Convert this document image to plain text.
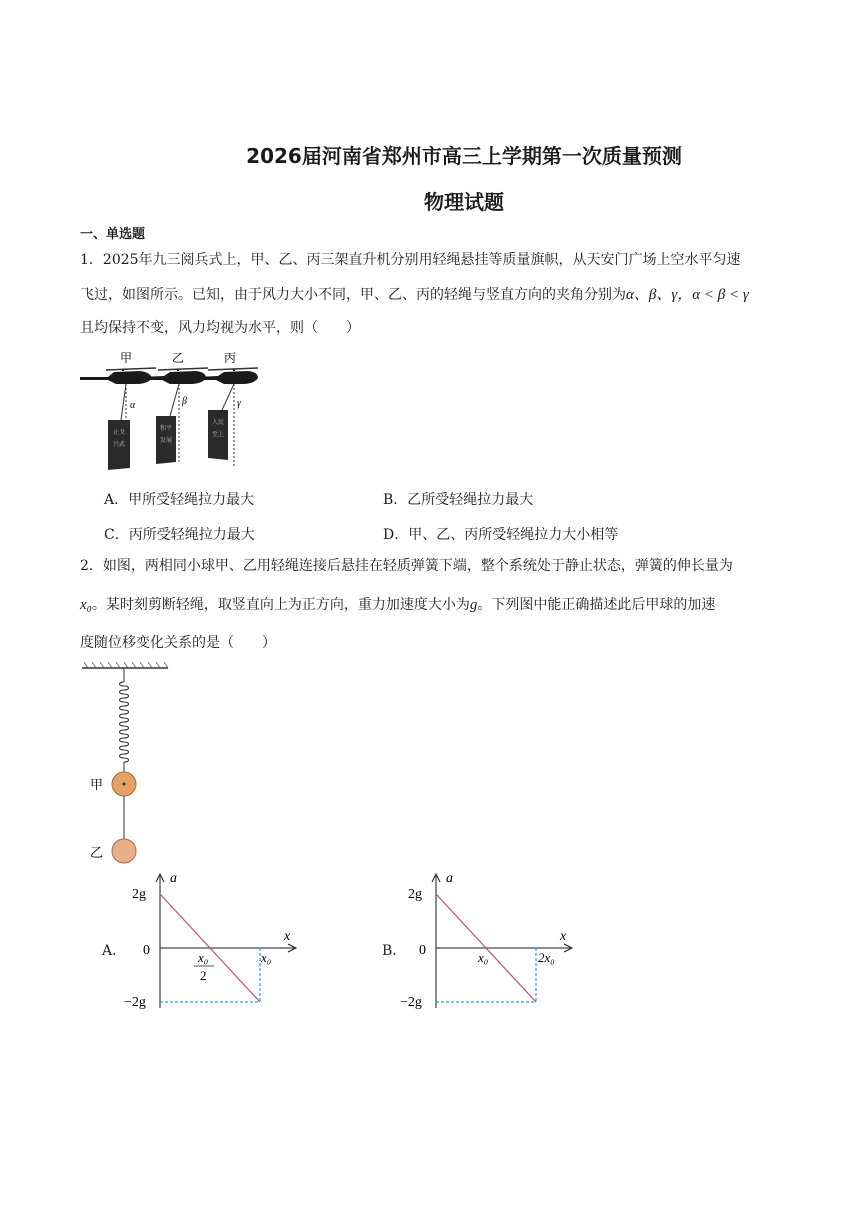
2026届河南省郑州市高三上学期第一次质量预测
物理试题
一、单选题
1．2025年九三阅兵式上，甲、乙、丙三架直升机分别用轻绳悬挂等质量旗帜，从天安门广场上空水平匀速
飞过，如图所示。已知，由于风力大小不同，甲、乙、丙的轻绳与竖直方向的夹角分别为α、β、γ，α < β < γ
且均保持不变，风力均视为水平，则（　　）
甲	乙	丙
α	β	γ
止戈
兴武
和平
发展
人民
至上
A．甲所受轻绳拉力最大	B．乙所受轻绳拉力最大
C．丙所受轻绳拉力最大	D．甲、乙、丙所受轻绳拉力大小相等
2．如图，两相同小球甲、乙用轻绳连接后悬挂在轻质弹簧下端，整个系统处于静止状态，弹簧的伸长量为
x₀。某时刻剪断轻绳，取竖直向上为正方向，重力加速度大小为g。下列图中能正确描述此后甲球的加速
度随位移变化关系的是（　　）
甲
乙
a
x
2g
0
−2g
x₀
2
x₀
A．
a
x
2g
0
−2g
x₀	2x₀
B．
